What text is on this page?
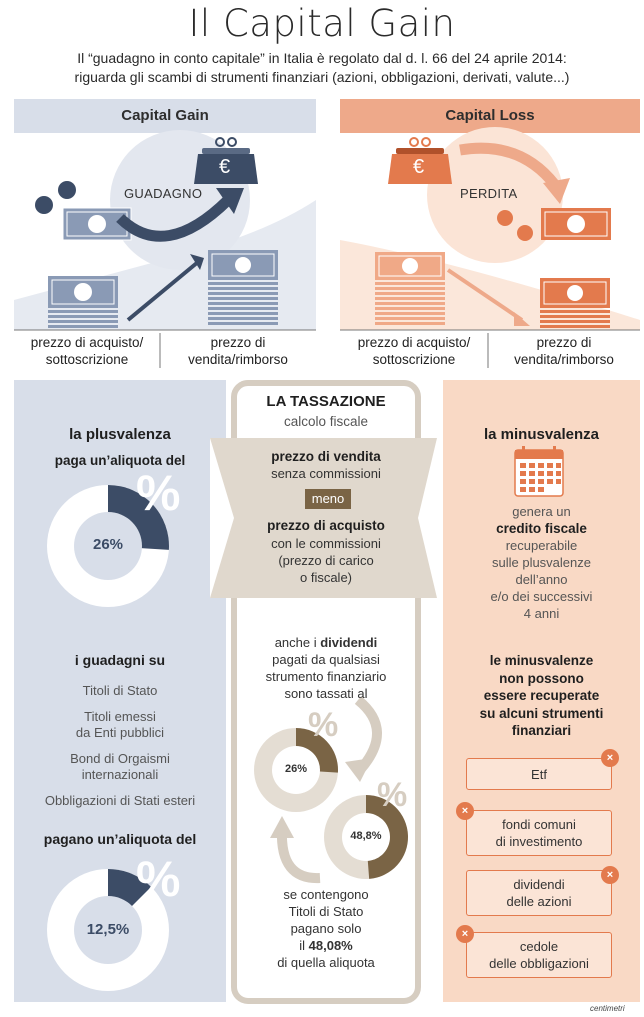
Il Capital Gain
Il “guadagno in conto capitale” in Italia è regolato dal d. l. 66 del 24 aprile 2014:
riguarda gli scambi di strumenti finanziari (azioni, obbligazioni, derivati, valute...)
Capital Gain	Capital Loss
GUADAGNO	PERDITA
€	€
prezzo di acquisto/
sottoscrizione
prezzo di
vendita/rimborso
prezzo di acquisto/
sottoscrizione
prezzo di
vendita/rimborso
la plusvalenza
paga un’aliquota del
%
26%
i guadagni su
Titoli di Stato
Titoli emessi
da Enti pubblici
Bond di Orgaismi
internazionali
Obbligazioni di Stati esteri
pagano un’aliquota del
%
12,5%
LA TASSAZIONE
calcolo fiscale
prezzo di vendita
senza commissioni
meno
prezzo di acquisto
con le commissioni
(prezzo di carico
o fiscale)
anche i dividendi
pagati da qualsiasi
strumento finanziario
sono tassati al
%
26%
%
48,8%
se contengono
Titoli di Stato
pagano solo
il 48,08%
di quella aliquota
la minusvalenza
genera un
credito fiscale
recuperabile
sulle plusvalenze
dell’anno
e/o dei successivi
4 anni
le minusvalenze
non possono
essere recuperate
su alcuni strumenti
finanziari
Etf
×
fondi comuni
di investimento
×
dividendi
delle azioni
×
cedole
delle obbligazioni
×
centimetri
